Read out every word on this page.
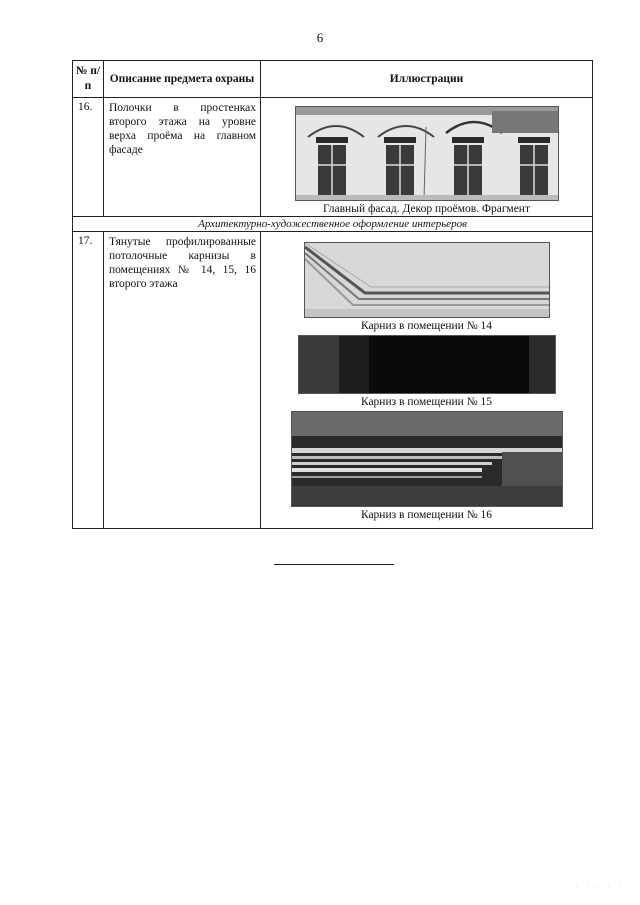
6
№ п/п	Описание предмета охраны	Иллюстрации
16.	Полочки в простенках второго этажа на уровне верха проёма на главном фасаде	Главный фасад. Декор проёмов. Фрагмент

Архитектурно-художественное оформление интерьеров		
17.	Тянутые профилированные потолочные карнизы в помещениях № 14, 15, 16 второго этажа	Карниз в помещении № 14
Карниз в помещении № 15
Карниз в помещении № 16
· · · · ·
